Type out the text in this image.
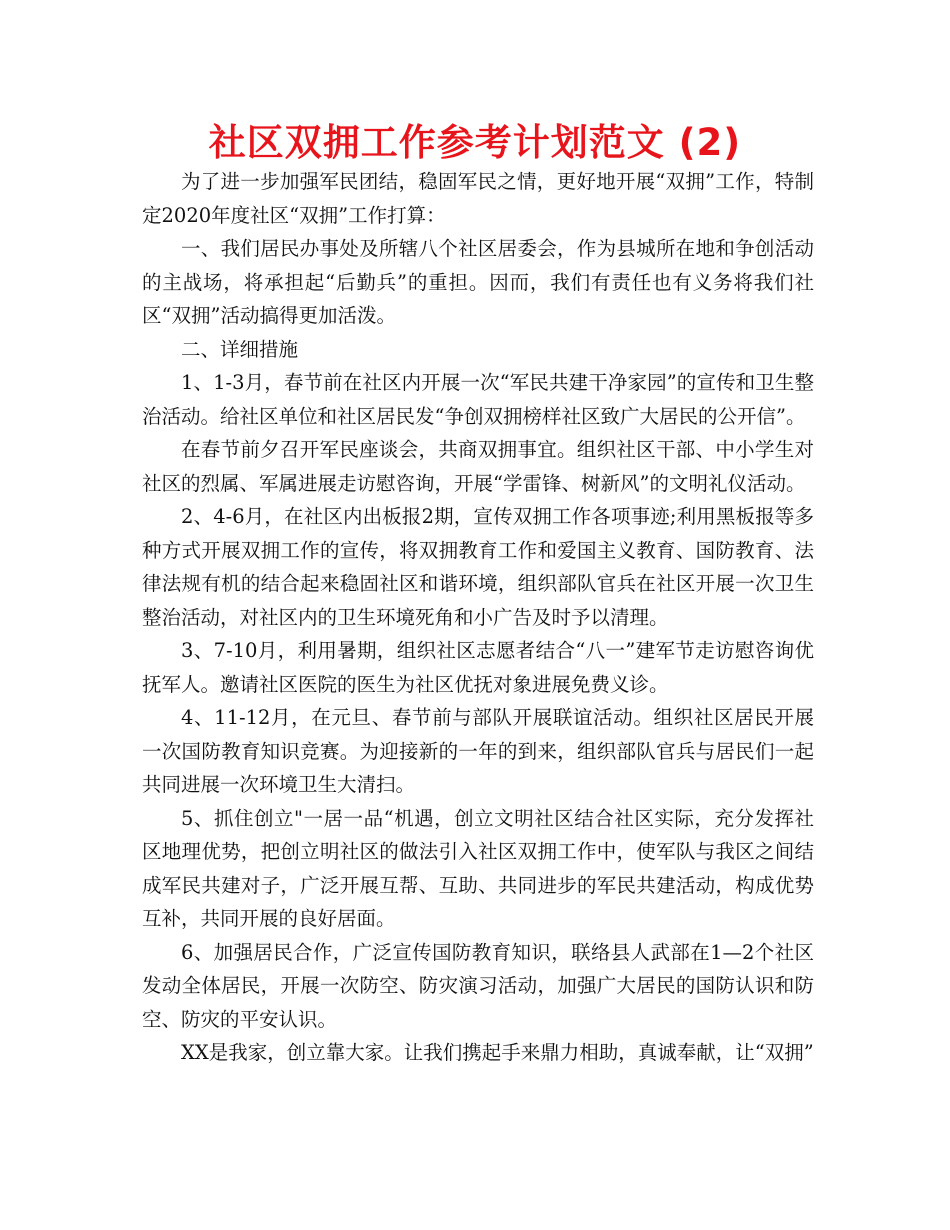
社区双拥工作参考计划范文 (2)

为了进一步加强军民团结，稳固军民之情，更好地开展“双拥”工作，特制定2020年度社区“双拥”工作打算：

一、我们居民办事处及所辖八个社区居委会，作为县城所在地和争创活动的主战场，将承担起“后勤兵”的重担。因而，我们有责任也有义务将我们社区“双拥”活动搞得更加活泼。

二、详细措施

1、1-3月，春节前在社区内开展一次“军民共建干净家园”的宣传和卫生整治活动。给社区单位和社区居民发“争创双拥榜样社区致广大居民的公开信”。

在春节前夕召开军民座谈会，共商双拥事宜。组织社区干部、中小学生对社区的烈属、军属进展走访慰咨询，开展“学雷锋、树新风”的文明礼仪活动。

2、4-6月，在社区内出板报2期，宣传双拥工作各项事迹;利用黑板报等多种方式开展双拥工作的宣传，将双拥教育工作和爱国主义教育、国防教育、法律法规有机的结合起来稳固社区和谐环境，组织部队官兵在社区开展一次卫生整治活动，对社区内的卫生环境死角和小广告及时予以清理。

3、7-10月，利用暑期，组织社区志愿者结合“八一”建军节走访慰咨询优抚军人。邀请社区医院的医生为社区优抚对象进展免费义诊。

4、11-12月，在元旦、春节前与部队开展联谊活动。组织社区居民开展一次国防教育知识竞赛。为迎接新的一年的到来，组织部队官兵与居民们一起共同进展一次环境卫生大清扫。

5、抓住创立"一居一品“机遇，创立文明社区结合社区实际，充分发挥社区地理优势，把创立明社区的做法引入社区双拥工作中，使军队与我区之间结成军民共建对子，广泛开展互帮、互助、共同进步的军民共建活动，构成优势互补，共同开展的良好居面。

6、加强居民合作，广泛宣传国防教育知识，联络县人武部在1—2个社区发动全体居民，开展一次防空、防灾演习活动，加强广大居民的国防认识和防空、防灾的平安认识。

XX是我家，创立靠大家。让我们携起手来鼎力相助，真诚奉献，让“双拥”
